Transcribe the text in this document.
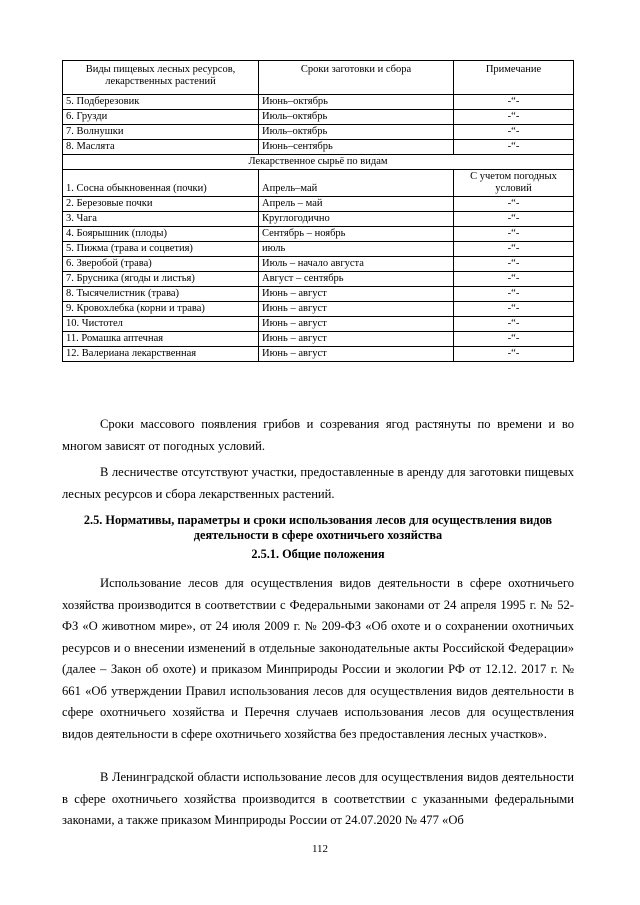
Виды пищевых лесных ресурсов, лекарственных растений	Сроки заготовки и сбора	Примечание
5. Подберезовик	Июнь–октябрь	-“-
6. Грузди	Июль–октябрь	-“-
7. Волнушки	Июль–октябрь	-“-
8. Маслята	Июнь–сентябрь	-“-
Лекарственное сырьё по видам		
1. Сосна обыкновенная (почки)	Апрель–май	С учетом погодных условий
2. Березовые почки	Апрель – май	-“-
3. Чага	Круглогодично	-“-
4. Боярышник (плоды)	Сентябрь – ноябрь	-“-
5. Пижма (трава и соцветия)	июль	-“-
6. Зверобой (трава)	Июль – начало августа	-“-
7. Брусника (ягоды и листья)	Август – сентябрь	-“-
8. Тысячелистник (трава)	Июнь – август	-“-
9. Кровохлебка (корни и трава)	Июнь – август	-“-
10. Чистотел	Июнь – август	-“-
11. Ромашка аптечная	Июнь – август	-“-
12. Валериана лекарственная	Июнь – август	-“-

Сроки массового появления грибов и созревания ягод растянуты по времени и во многом зависят от погодных условий.

В лесничестве отсутствуют участки, предоставленные в аренду для заготовки пищевых лесных ресурсов и сбора лекарственных растений.

2.5. Нормативы, параметры и сроки использования лесов для осуществления видов деятельности в сфере охотничьего хозяйства

2.5.1. Общие положения

Использование лесов для осуществления видов деятельности в сфере охотничьего хозяйства производится в соответствии с Федеральными законами от 24 апреля 1995 г. № 52-ФЗ «О животном мире», от 24 июля 2009 г. № 209-ФЗ «Об охоте и о сохранении охотничьих ресурсов и о внесении изменений в отдельные законодательные акты Российской Федерации» (далее – Закон об охоте) и приказом Минприроды России и экологии РФ от 12.12. 2017 г. № 661 «Об утверждении Правил использования лесов для осуществления видов деятельности в сфере охотничьего хозяйства и Перечня случаев использования лесов для осуществления видов деятельности в сфере охотничьего хозяйства без предоставления лесных участков».

В Ленинградской области использование лесов для осуществления видов деятельности в сфере охотничьего хозяйства производится в соответствии с указанными федеральными законами, а также приказом Минприроды России от 24.07.2020 № 477 «Об

112
